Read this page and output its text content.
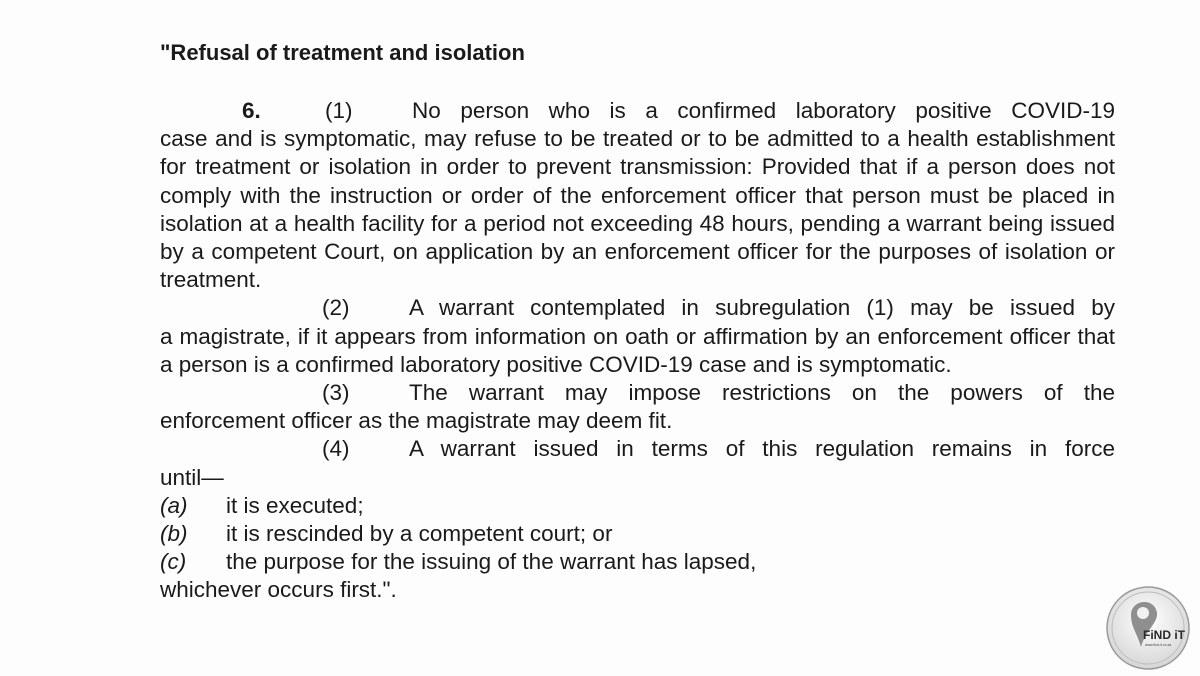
"Refusal of treatment and isolation

6.	(1)	No person who is a confirmed laboratory positive COVID-19

case and is symptomatic, may refuse to be treated or to be admitted to a health establishment for treatment or isolation in order to prevent transmission: Provided that if a person does not comply with the instruction or order of the enforcement officer that person must be placed in isolation at a health facility for a period not exceeding 48 hours, pending a warrant being issued by a competent Court, on application by an enforcement officer for the purposes of isolation or treatment.

(2)	A warrant contemplated in subregulation (1) may be issued by

a magistrate, if it appears from information on oath or affirmation by an enforcement officer that a person is a confirmed laboratory positive COVID-19 case and is symptomatic.

(3)	The warrant may impose restrictions on the powers of the

enforcement officer as the magistrate may deem fit.

(4)	A warrant issued in terms of this regulation remains in force

until—

(a) it is executed;

(b) it is rescinded by a competent court; or

(c) the purpose for the issuing of the warrant has lapsed,

whichever occurs first.".

FiND iT
www.find-it.co.za
